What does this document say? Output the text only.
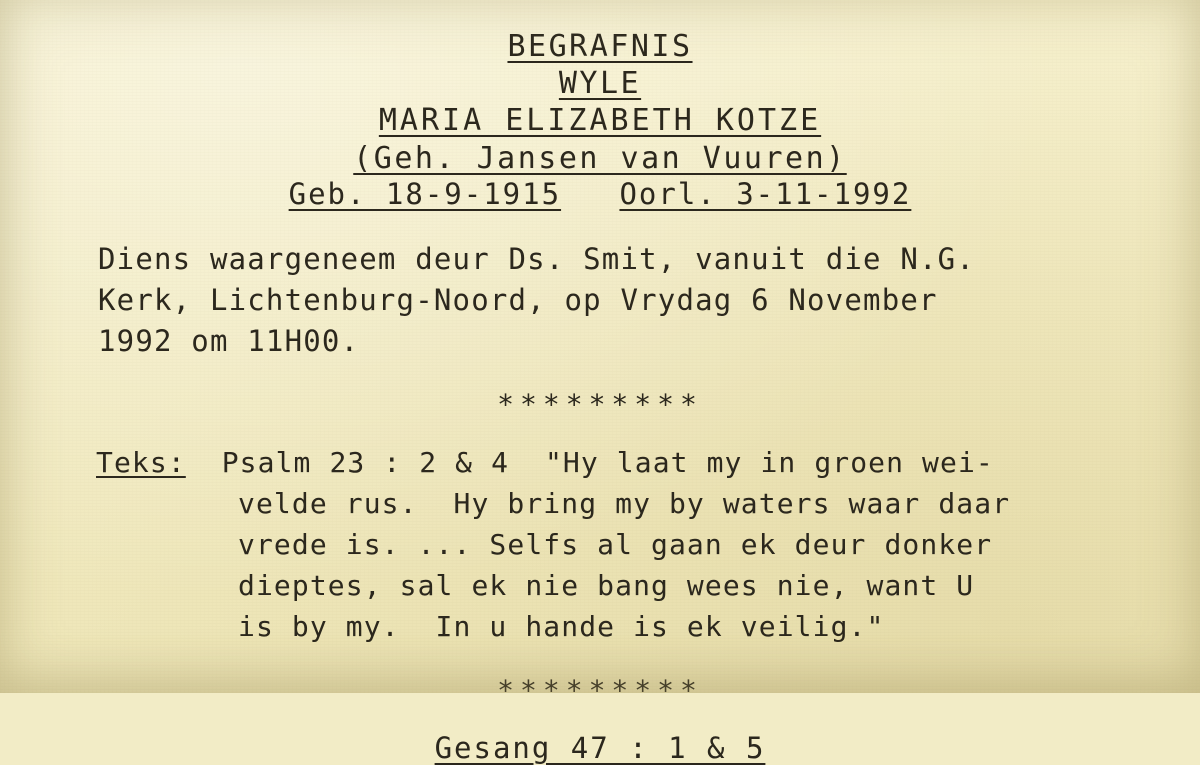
BEGRAFNIS
WYLE
MARIA ELIZABETH KOTZE
(Geh. Jansen van Vuuren)
Geb. 18-9-1915 Oorl. 3-11-1992
Diens waargeneem deur Ds. Smit, vanuit die N.G.
Kerk, Lichtenburg-Noord, op Vrydag 6 November
1992 om 11H00.
*********
Teks: Psalm 23 : 2 & 4  "Hy laat my in groen wei-
velde rus.  Hy bring my by waters waar daar
vrede is. ... Selfs al gaan ek deur donker
dieptes, sal ek nie bang wees nie, want U
is by my.  In u hande is ek veilig."
*********
Gesang 47 : 1 & 5
